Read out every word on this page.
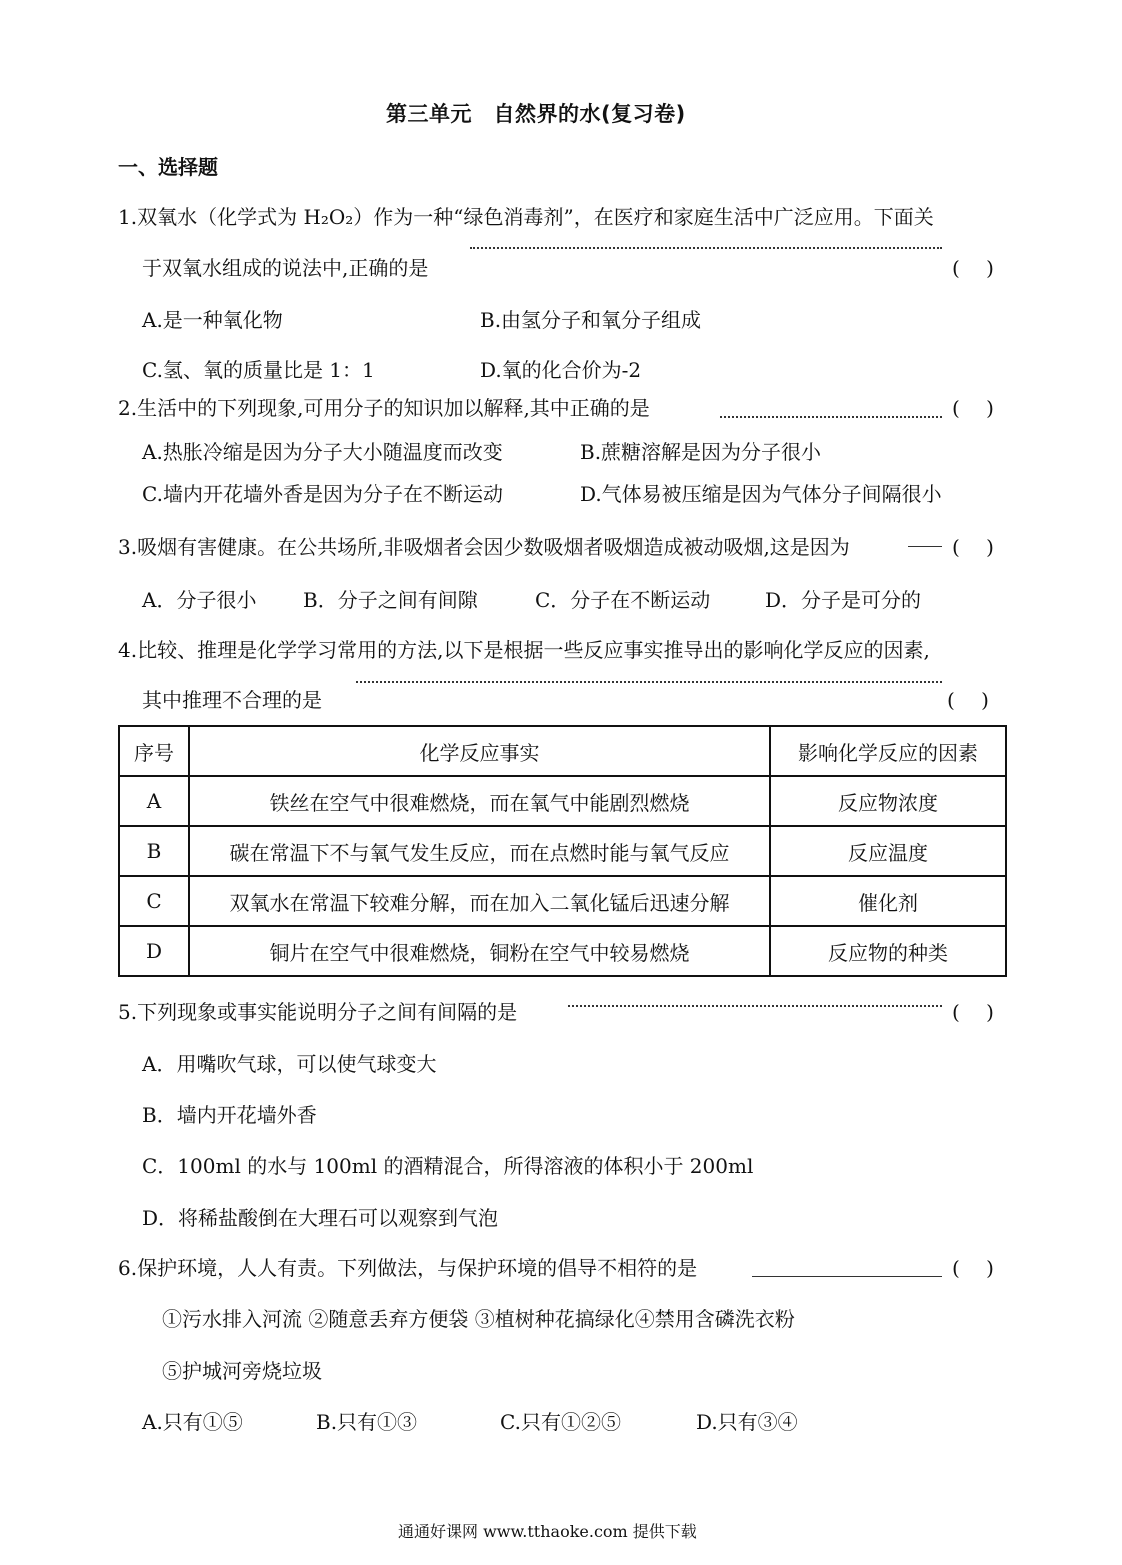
第三单元　自然界的水(复习卷)
一、选择题
1.双氧水（化学式为 H₂O₂）作为一种“绿色消毒剂”，在医疗和家庭生活中广泛应用。下面关
于双氧水组成的说法中,正确的是	(　 )
A.是一种氧化物	B.由氢分子和氧分子组成
C.氢、氧的质量比是 1：1	D.氧的化合价为-2
2.生活中的下列现象,可用分子的知识加以解释,其中正确的是	(　 )
A.热胀冷缩是因为分子大小随温度而改变	B.蔗糖溶解是因为分子很小
C.墙内开花墙外香是因为分子在不断运动	D.气体易被压缩是因为气体分子间隔很小
3.吸烟有害健康。在公共场所,非吸烟者会因少数吸烟者吸烟造成被动吸烟,这是因为	(　 )
A．分子很小 B．分子之间有间隙	C．分子在不断运动	D．分子是可分的
4.比较、推理是化学学习常用的方法,以下是根据一些反应事实推导出的影响化学反应的因素,
其中推理不合理的是	(　 )
序号	化学反应事实	影响化学反应的因素
A	铁丝在空气中很难燃烧，而在氧气中能剧烈燃烧	反应物浓度
B	碳在常温下不与氧气发生反应，而在点燃时能与氧气反应	反应温度
C	双氧水在常温下较难分解，而在加入二氧化锰后迅速分解	催化剂
D	铜片在空气中很难燃烧，铜粉在空气中较易燃烧	反应物的种类
5.下列现象或事实能说明分子之间有间隔的是	(　 )
A．用嘴吹气球，可以使气球变大
B．墙内开花墙外香
C．100ml 的水与 100ml 的酒精混合，所得溶液的体积小于 200ml
D．将稀盐酸倒在大理石可以观察到气泡
6.保护环境，人人有责。下列做法，与保护环境的倡导不相符的是	(　 )
①污水排入河流 ②随意丢弃方便袋 ③植树种花搞绿化④禁用含磷洗衣粉
⑤护城河旁烧垃圾
A.只有①⑤	B.只有①③	C.只有①②⑤	D.只有③④
通通好课网 www.tthaoke.com 提供下载
